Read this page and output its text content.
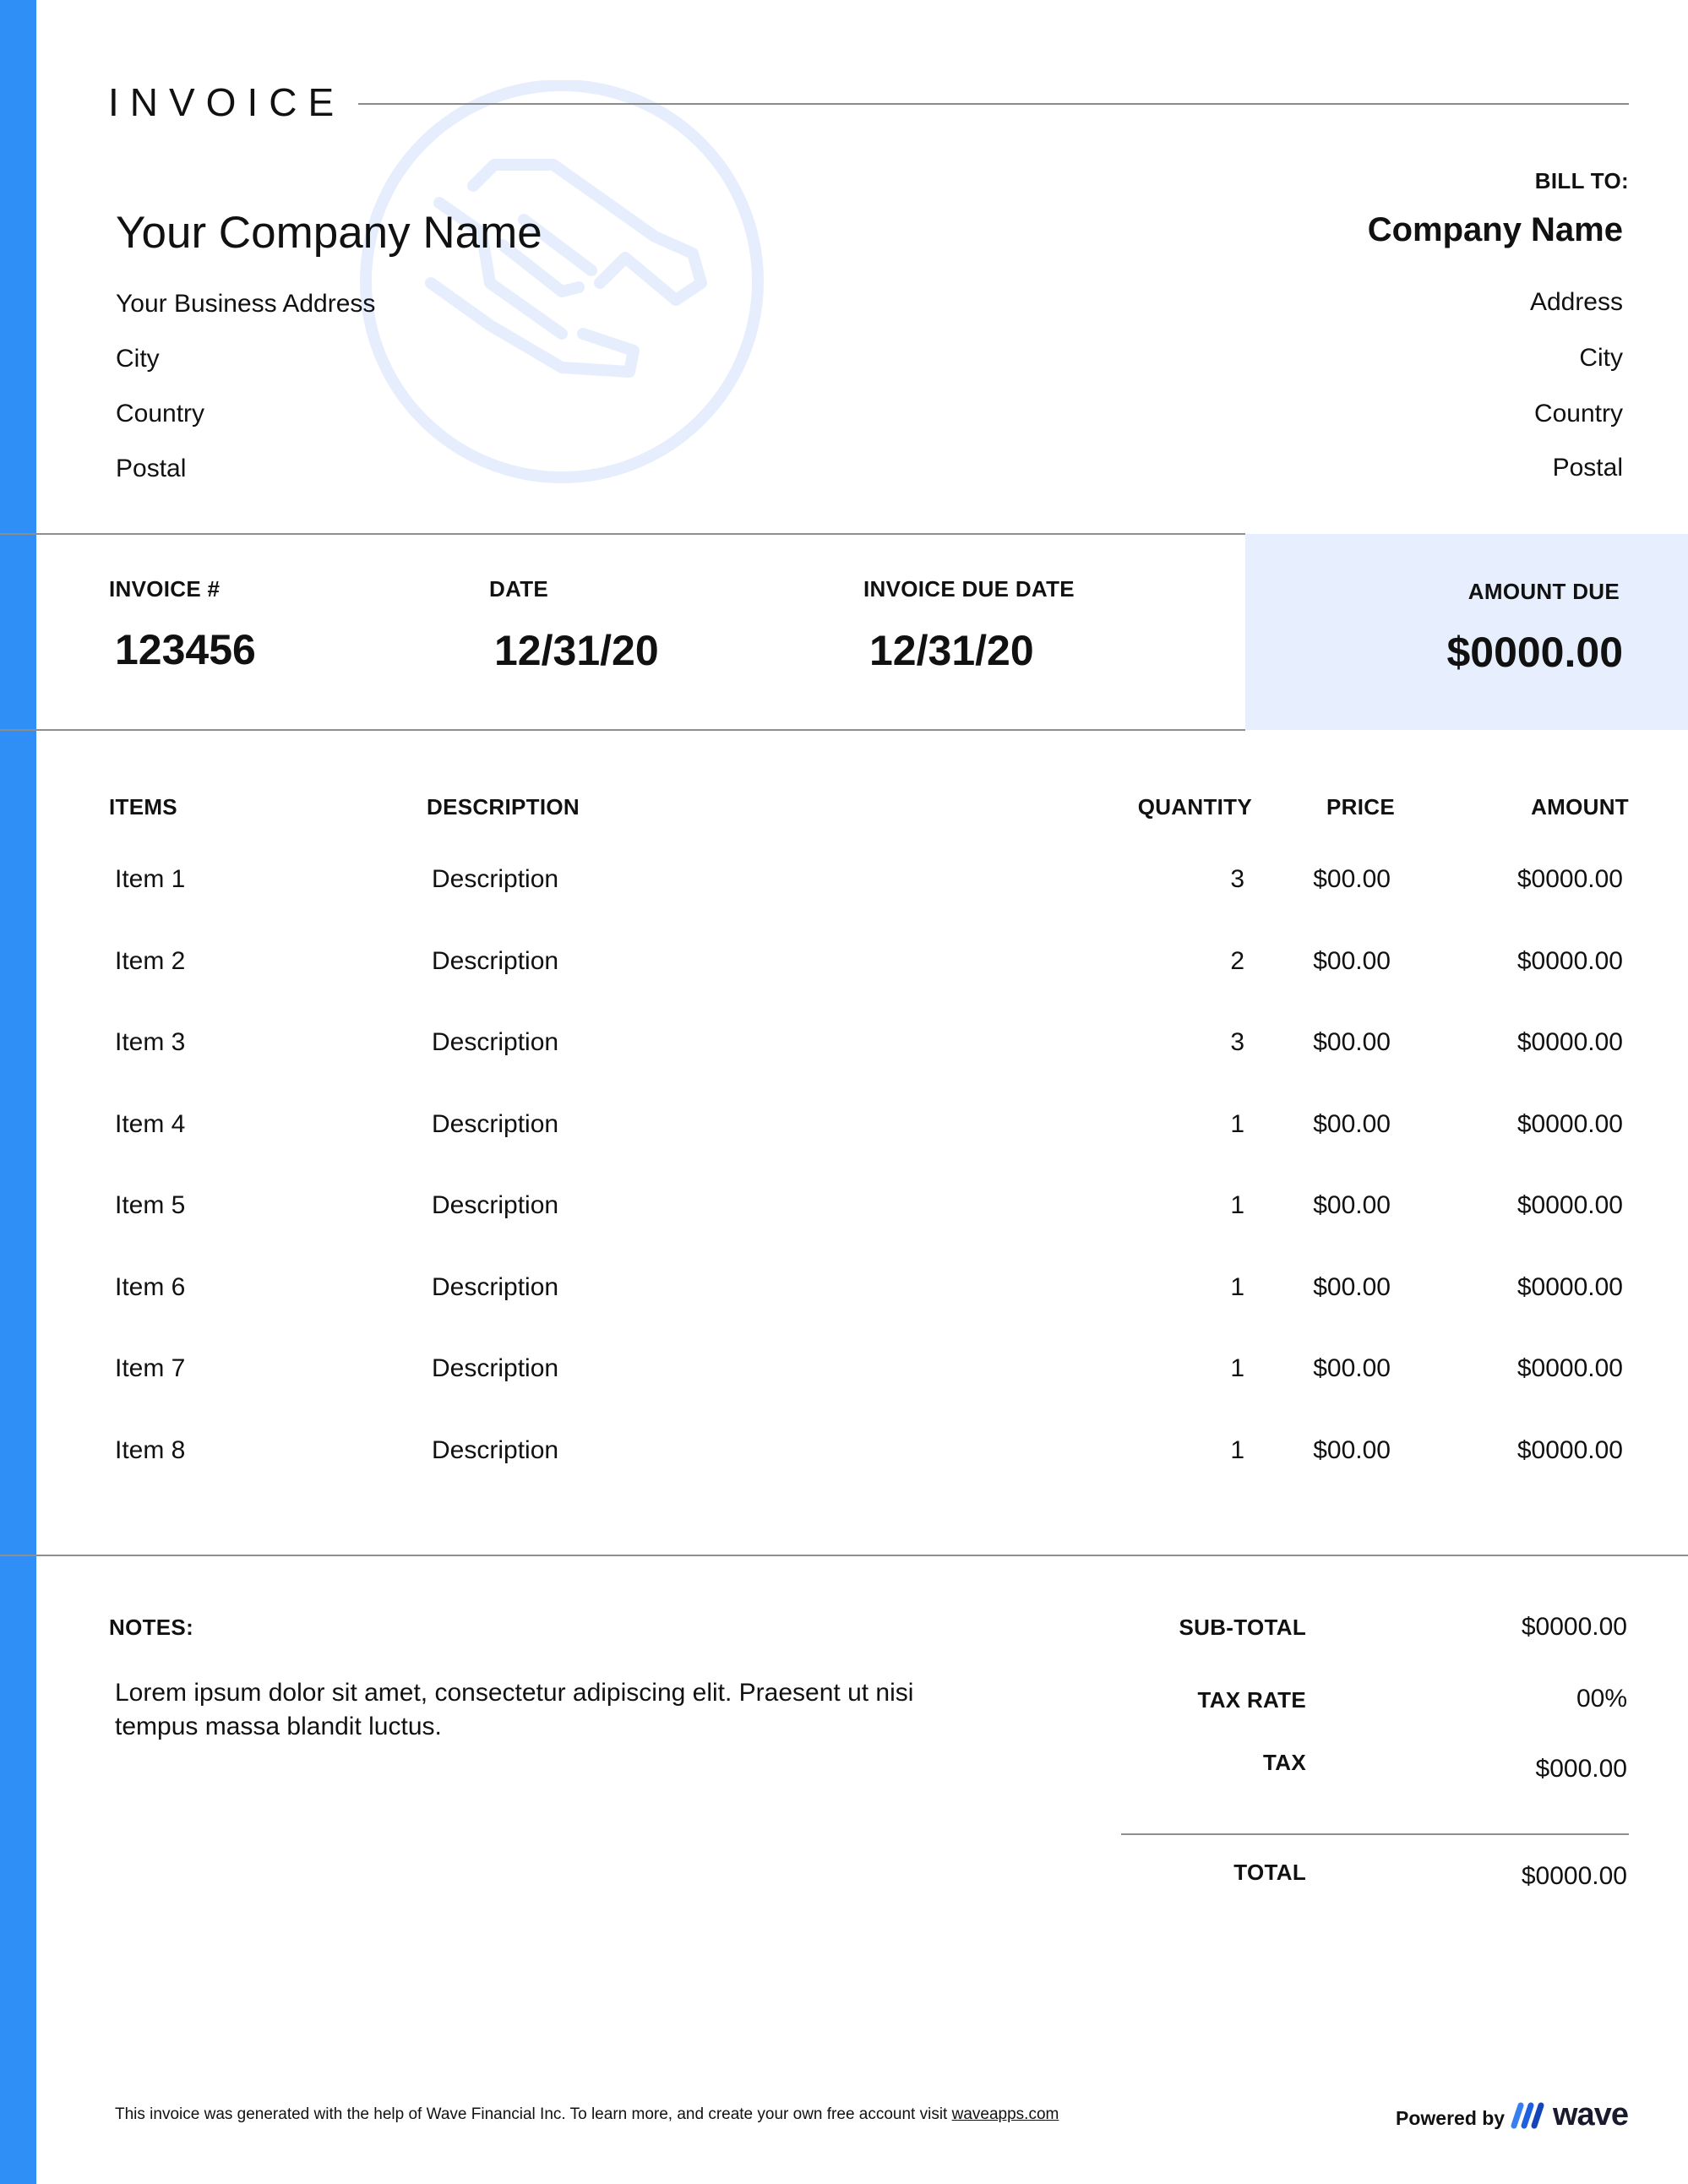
INVOICE
Your Company Name
Your Business Address
City
Country
Postal
BILL TO:
Company Name
Address
City
Country
Postal
INVOICE #
123456
DATE
12/31/20
INVOICE DUE DATE
12/31/20
AMOUNT DUE
$0000.00
ITEMS	DESCRIPTION	QUANTITY	PRICE	AMOUNT
Item 1	Description	3	$00.00	$0000.00
Item 2	Description	2	$00.00	$0000.00
Item 3	Description	3	$00.00	$0000.00
Item 4	Description	1	$00.00	$0000.00
Item 5	Description	1	$00.00	$0000.00
Item 6	Description	1	$00.00	$0000.00
Item 7	Description	1	$00.00	$0000.00
Item 8	Description	1	$00.00	$0000.00
NOTES:
Lorem ipsum dolor sit amet, consectetur adipiscing elit. Praesent ut nisi
tempus massa blandit luctus.
SUB-TOTAL	$0000.00
TAX RATE	00%
TAX	$000.00
TOTAL	$0000.00
This invoice was generated with the help of Wave Financial Inc. To learn more, and create your own free account visit waveapps.com	Powered by wave
